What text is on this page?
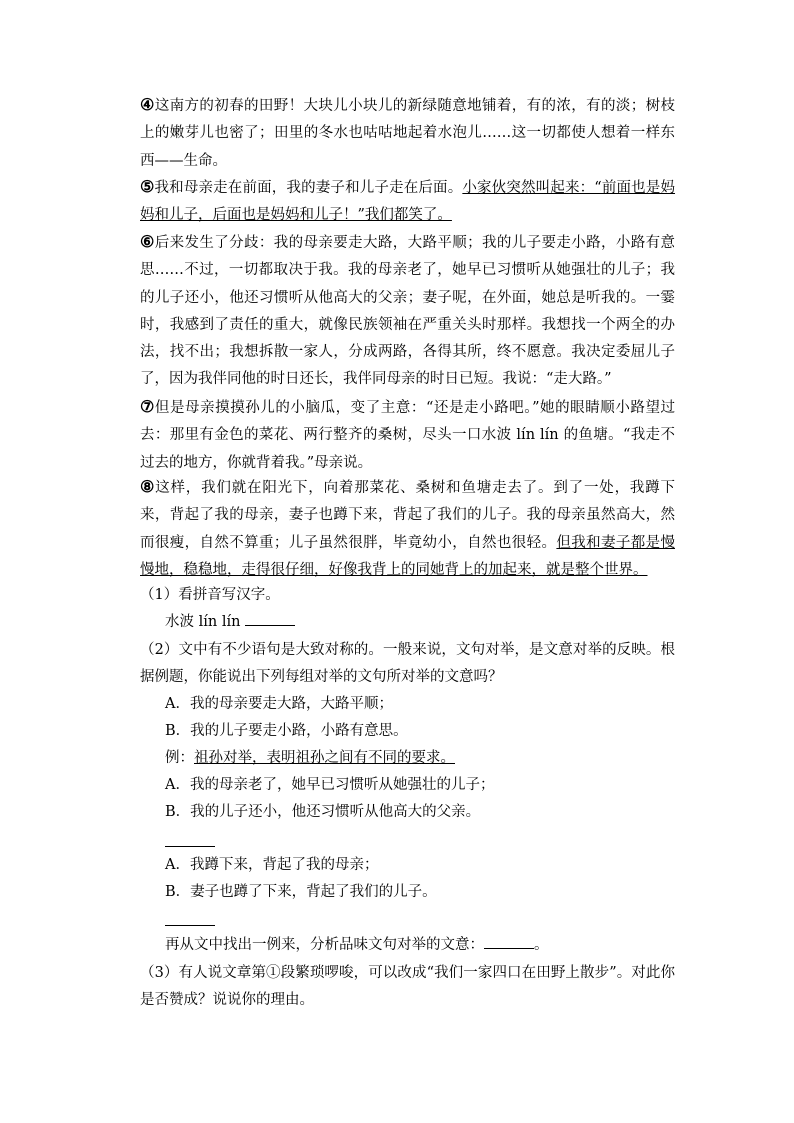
④这南方的初春的田野！大块儿小块儿的新绿随意地铺着，有的浓，有的淡；树枝上的嫩芽儿也密了；田里的冬水也咕咕地起着水泡儿……这一切都使人想着一样东西——生命。

⑤我和母亲走在前面，我的妻子和儿子走在后面。小家伙突然叫起来：“前面也是妈妈和儿子，后面也是妈妈和儿子！”我们都笑了。

⑥后来发生了分歧：我的母亲要走大路，大路平顺；我的儿子要走小路，小路有意思……不过，一切都取决于我。我的母亲老了，她早已习惯听从她强壮的儿子；我的儿子还小，他还习惯听从他高大的父亲；妻子呢，在外面，她总是听我的。一霎时，我感到了责任的重大，就像民族领袖在严重关头时那样。我想找一个两全的办法，找不出；我想拆散一家人，分成两路，各得其所，终不愿意。我决定委屈儿子了，因为我伴同他的时日还长，我伴同母亲的时日已短。我说：“走大路。”

⑦但是母亲摸摸孙儿的小脑瓜，变了主意：“还是走小路吧。”她的眼睛顺小路望过去：那里有金色的菜花、两行整齐的桑树，尽头一口水波 lín lín 的鱼塘。“我走不过去的地方，你就背着我。”母亲说。

⑧这样，我们就在阳光下，向着那菜花、桑树和鱼塘走去了。到了一处，我蹲下来，背起了我的母亲，妻子也蹲下来，背起了我们的儿子。我的母亲虽然高大，然而很瘦，自然不算重；儿子虽然很胖，毕竟幼小，自然也很轻。但我和妻子都是慢慢地，稳稳地，走得很仔细，好像我背上的同她背上的加起来，就是整个世界。

（1）看拼音写汉字。

水波 lín lín

（2）文中有不少语句是大致对称的。一般来说，文句对举，是文意对举的反映。根据例题，你能说出下列每组对举的文句所对举的文意吗？

A．我的母亲要走大路，大路平顺；

B．我的儿子要走小路，小路有意思。

例：祖孙对举，表明祖孙之间有不同的要求。

A．我的母亲老了，她早已习惯听从她强壮的儿子；

B．我的儿子还小，他还习惯听从他高大的父亲。

A．我蹲下来，背起了我的母亲；

B．妻子也蹲了下来，背起了我们的儿子。

再从文中找出一例来，分析品味文句对举的文意：	。

（3）有人说文章第①段繁琐啰唆，可以改成“我们一家四口在田野上散步”。对此你是否赞成？说说你的理由。
